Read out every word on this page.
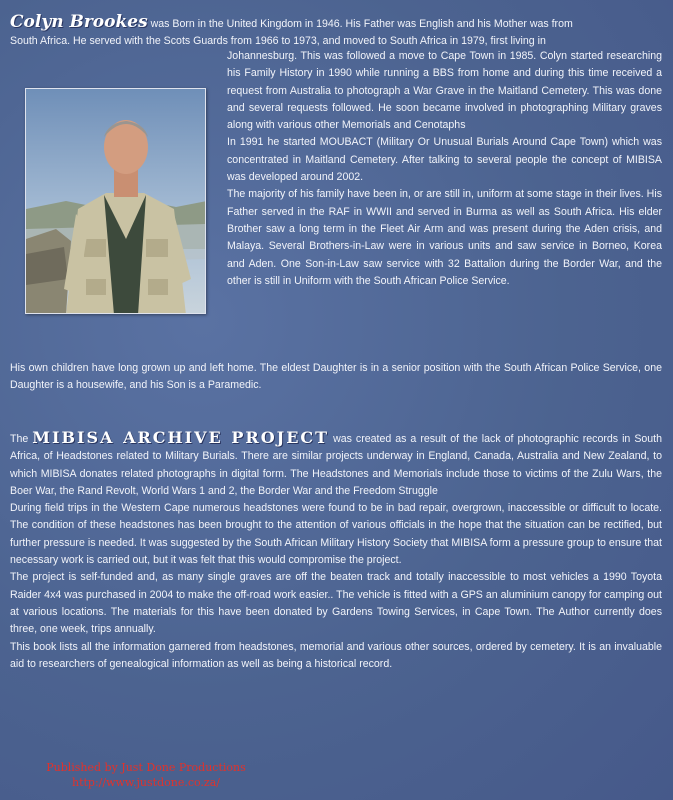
Colyn Brookes was Born in the United Kingdom in 1946. His Father was English and his Mother was from
South Africa. He served with the Scots Guards from 1966 to 1973, and moved to South Africa in 1979, first living in

Johannesburg. This was followed a move to Cape Town in 1985. Colyn started researching his Family History in 1990 while running a BBS from home and during this time received a request from Australia to photograph a War Grave in the Maitland Cemetery. This was done and several requests followed. He soon became involved in photographing Military graves along with various other Memorials and Cenotaphs

In 1991 he started MOUBACT (Military Or Unusual Burials Around Cape Town) which was concentrated in Maitland Cemetery. After talking to several people the concept of MIBISA was developed around 2002.

The majority of his family have been in, or are still in, uniform at some stage in their lives. His Father served in the RAF in WWII and served in Burma as well as South Africa. His elder Brother saw a long term in the Fleet Air Arm and was present during the Aden crisis, and Malaya. Several Brothers-in-Law were in various units and saw service in Borneo, Korea and Aden. One Son-in-Law saw service with 32 Battalion during the Border War, and the other is still in Uniform with the South African Police Service.

His own children have long grown up and left home. The eldest Daughter is in a senior position with the South African Police Service, one Daughter is a housewife, and his Son is a Paramedic.

The MIBISA ARCHIVE PROJECT was created as a result of the lack of photographic records in South Africa, of Headstones related to Military Burials. There are similar projects underway in England, Canada, Australia and New Zealand, to which MIBISA donates related photographs in digital form. The Headstones and Memorials include those to victims of the Zulu Wars, the Boer War, the Rand Revolt, World Wars 1 and 2, the Border War and the Freedom Struggle

During field trips in the Western Cape numerous headstones were found to be in bad repair, overgrown, inaccessible or difficult to locate. The condition of these headstones has been brought to the attention of various officials in the hope that the situation can be rectified, but further pressure is needed. It was suggested by the South African Military History Society that MIBISA form a pressure group to ensure that necessary work is carried out, but it was felt that this would compromise the project.

The project is self-funded and, as many single graves are off the beaten track and totally inaccessible to most vehicles a 1990 Toyota Raider 4x4 was purchased in 2004 to make the off-road work easier.. The vehicle is fitted with a GPS an aluminium canopy for camping out at various locations. The materials for this have been donated by Gardens Towing Services, in Cape Town. The Author currently does three, one week, trips annually.

This book lists all the information garnered from headstones, memorial and various other sources, ordered by cemetery. It is an invaluable aid to researchers of genealogical information as well as being a historical record.

Published by Just Done Productions
http://www.justdone.co.za/
